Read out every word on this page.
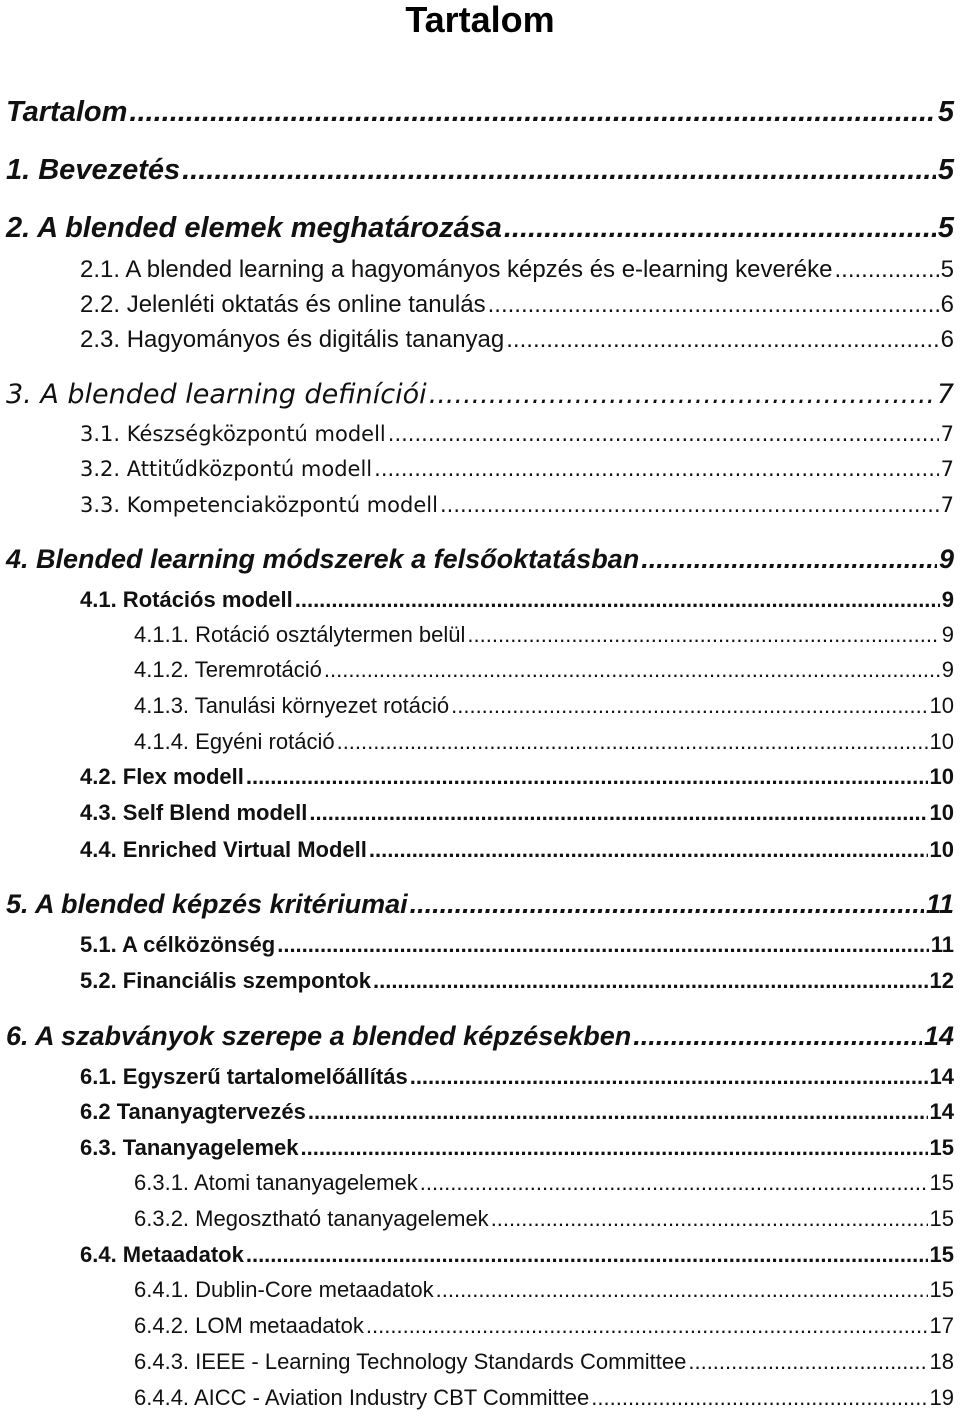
Tartalom
Tartalom .....	5
1. Bevezetés .....	5
2. A blended elemek meghatározása .....	5
2.1. A blended learning a hagyományos képzés és e-learning keveréke .....	5
2.2. Jelenléti oktatás és online tanulás .....	6
2.3. Hagyományos és digitális tananyag .....	6
3. A blended learning definíciói .....	7
3.1. Készségközpontú modell .....	7
3.2. Attitűdközpontú modell .....	7
3.3. Kompetenciaközpontú modell .....	7
4. Blended learning módszerek a felsőoktatásban .....	9
4.1. Rotációs modell .....	9
4.1.1. Rotáció osztálytermen belül .....	9
4.1.2. Teremrotáció .....	9
4.1.3. Tanulási környezet rotáció .....	10
4.1.4. Egyéni rotáció .....	10
4.2. Flex modell .....	10
4.3. Self Blend modell .....	10
4.4. Enriched Virtual Modell .....	10
5. A blended képzés kritériumai .....	11
5.1. A célközönség .....	11
5.2. Financiális szempontok .....	12
6. A szabványok szerepe a blended képzésekben .....	14
6.1. Egyszerű tartalomelőállítás .....	14
6.2 Tananyagtervezés .....	14
6.3. Tananyagelemek .....	15
6.3.1. Atomi tananyagelemek .....	15
6.3.2. Megosztható tananyagelemek .....	15
6.4. Metaadatok .....	15
6.4.1. Dublin-Core metaadatok .....	15
6.4.2. LOM metaadatok .....	17
6.4.3. IEEE - Learning Technology Standards Committee .....	18
6.4.4. AICC - Aviation Industry CBT Committee .....	19
